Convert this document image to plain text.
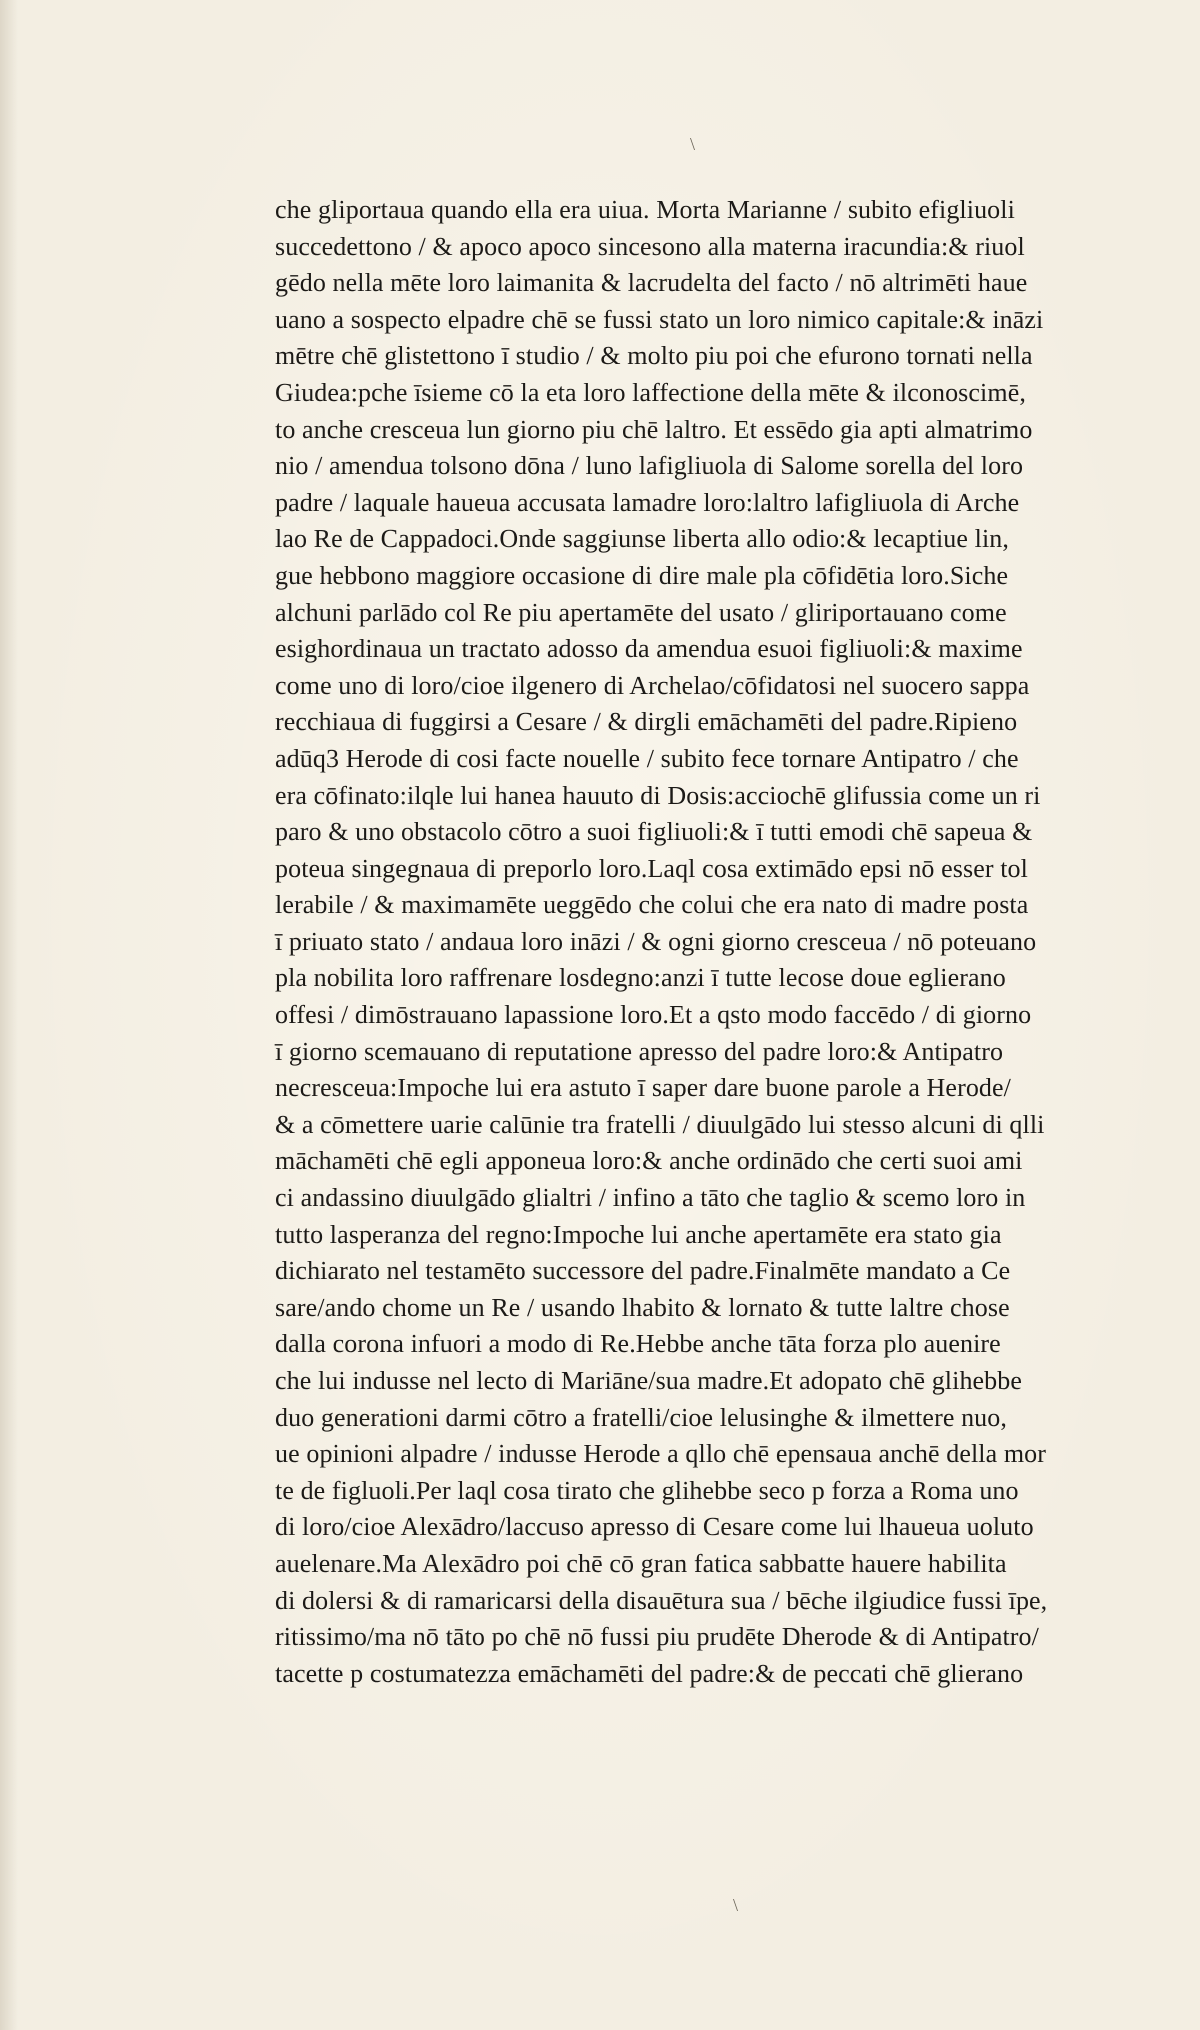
\
che gliportaua quando ella era uiua. Morta Marianne / subito efigliuoli
succedettono / & apoco apoco sincesono alla materna iracundia:& riuol
gēdo nella mēte loro laimanita & lacrudelta del facto / nō altrimēti haue
uano a sospecto elpadre chē se fussi stato un loro nimico capitale:& ināzi
mētre chē glistettono ī studio / & molto piu poi che efurono tornati nella
Giudea:pche īsieme cō la eta loro laffectione della mēte & ilconoscimē,
to anche cresceua lun giorno piu chē laltro. Et essēdo gia apti almatrimo
nio / amendua tolsono dōna / luno lafigliuola di Salome sorella del loro
padre / laquale haueua accusata lamadre loro:laltro lafigliuola di Arche
lao Re de Cappadoci.Onde saggiunse liberta allo odio:& lecaptiue lin,
gue hebbono maggiore occasione di dire male pla cōfidētia loro.Siche
alchuni parlādo col Re piu apertamēte del usato / gliriportauano come
esighordinaua un tractato adosso da amendua esuoi figliuoli:& maxime
come uno di loro/cioe ilgenero di Archelao/cōfidatosi nel suocero sappa
recchiaua di fuggirsi a Cesare / & dirgli emāchamēti del padre.Ripieno
adūq3 Herode di cosi facte nouelle / subito fece tornare Antipatro / che
era cōfinato:ilqle lui hanea hauuto di Dosis:acciochē glifussia come un ri
paro & uno obstacolo cōtro a suoi figliuoli:& ī tutti emodi chē sapeua &
poteua singegnaua di preporlo loro.Laql cosa extimādo epsi nō esser tol
lerabile / & maximamēte ueggēdo che colui che era nato di madre posta
ī priuato stato / andaua loro ināzi / & ogni giorno cresceua / nō poteuano
pla nobilita loro raffrenare losdegno:anzi ī tutte lecose doue eglierano
offesi / dimōstrauano lapassione loro.Et a qsto modo faccēdo / di giorno
ī giorno scemauano di reputatione apresso del padre loro:& Antipatro
necresceua:Impoche lui era astuto ī saper dare buone parole a Herode/
& a cōmettere uarie calūnie tra fratelli / diuulgādo lui stesso alcuni di qlli
māchamēti chē egli apponeua loro:& anche ordinādo che certi suoi ami
ci andassino diuulgādo glialtri / infino a tāto che taglio & scemo loro in
tutto lasperanza del regno:Impoche lui anche apertamēte era stato gia
dichiarato nel testamēto successore del padre.Finalmēte mandato a Ce
sare/ando chome un Re / usando lhabito & lornato & tutte laltre chose
dalla corona infuori a modo di Re.Hebbe anche tāta forza plo auenire
che lui indusse nel lecto di Mariāne/sua madre.Et adopato chē glihebbe
duo generationi darmi cōtro a fratelli/cioe lelusinghe & ilmettere nuo,
ue opinioni alpadre / indusse Herode a qllo chē epensaua anchē della mor
te de figluoli.Per laql cosa tirato che glihebbe seco p forza a Roma uno
di loro/cioe Alexādro/laccuso apresso di Cesare come lui lhaueua uoluto
auelenare.Ma Alexādro poi chē cō gran fatica sabbatte hauere habilita
di dolersi & di ramaricarsi della disauētura sua / bēche ilgiudice fussi īpe,
ritissimo/ma nō tāto po chē nō fussi piu prudēte Dherode & di Antipatro/
tacette p costumatezza emāchamēti del padre:& de peccati chē glierano
\
